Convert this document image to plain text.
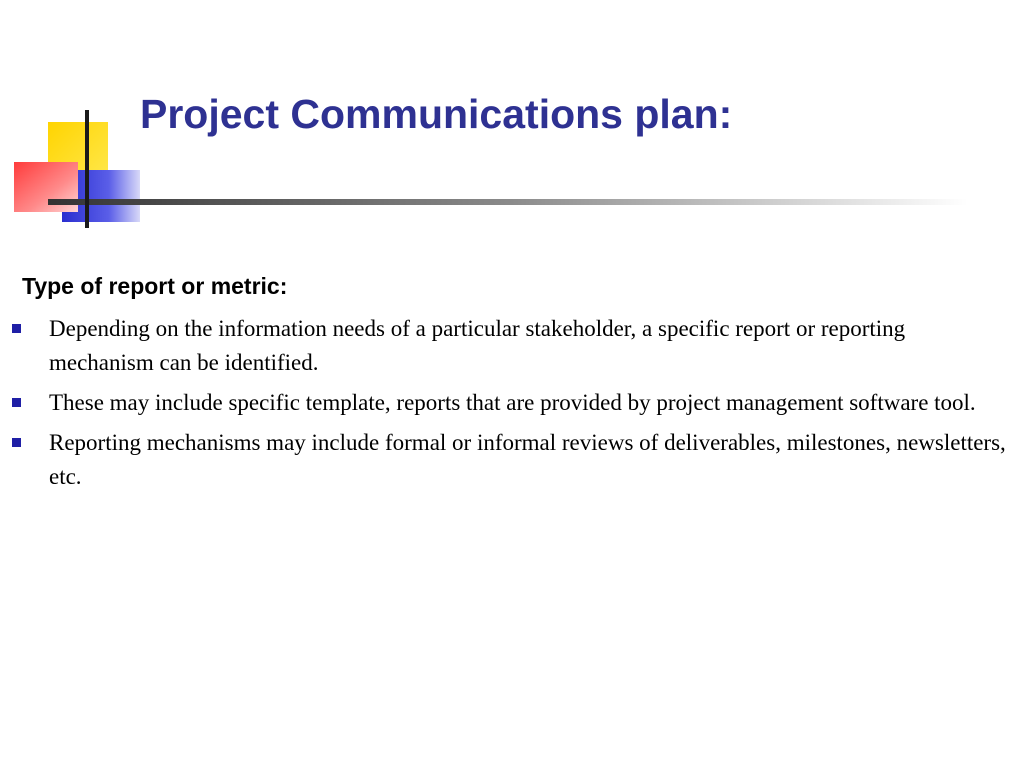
Project Communications plan:
Type of report or metric:
Depending on the information needs of a particular stakeholder, a specific report or reporting mechanism can be identified.
These may include specific template, reports that are provided by project management software tool.
Reporting mechanisms may include formal or informal reviews of deliverables, milestones, newsletters, etc.
